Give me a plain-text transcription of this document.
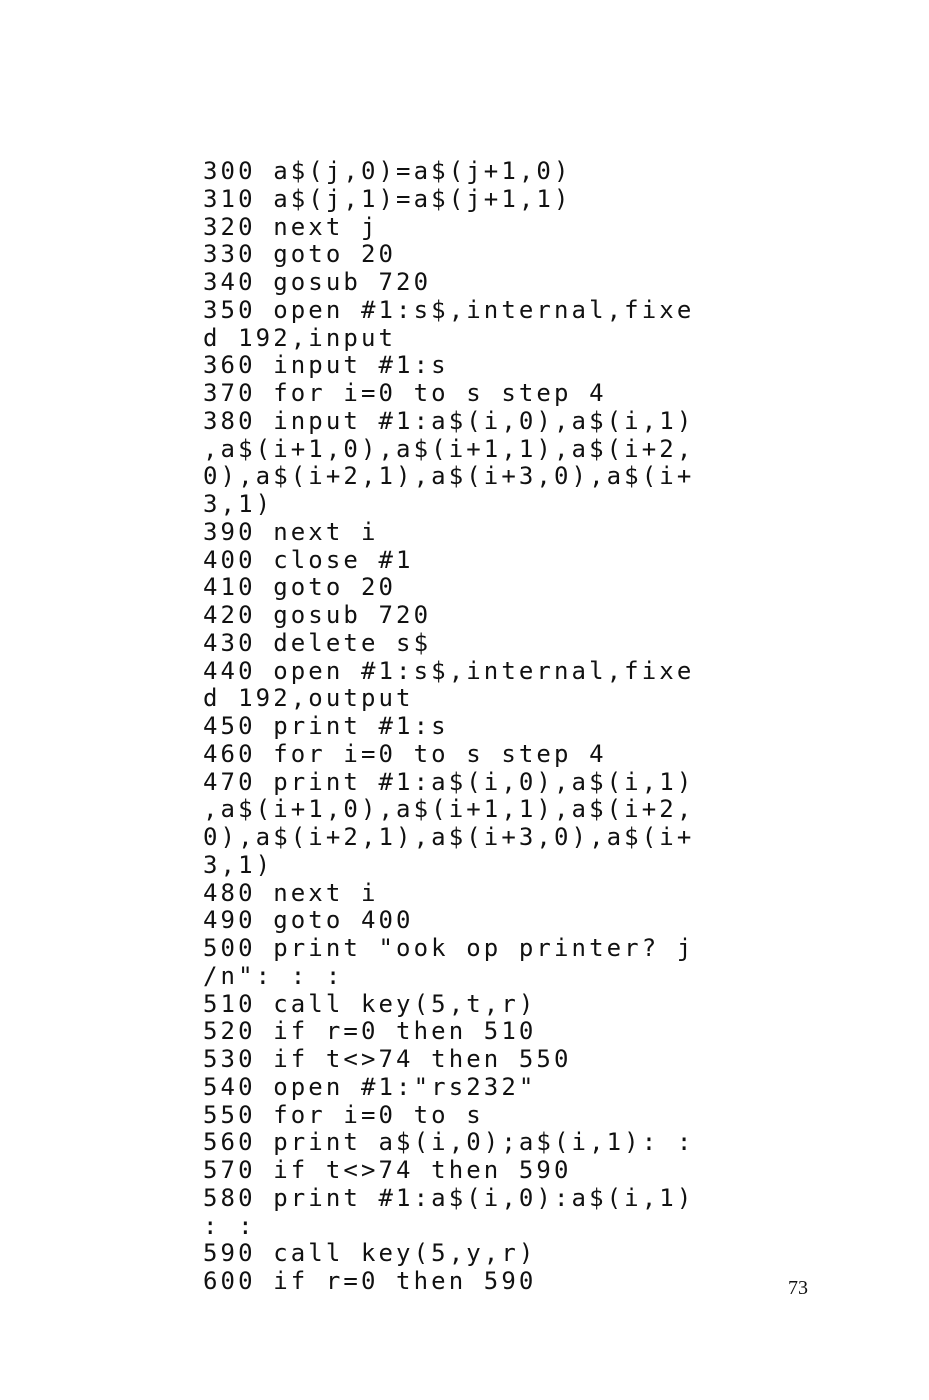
300 a$(j,0)=a$(j+1,0)
310 a$(j,1)=a$(j+1,1)
320 next j
330 goto 20
340 gosub 720
350 open #1:s$,internal,fixe
d 192,input
360 input #1:s
370 for i=0 to s step 4
380 input #1:a$(i,0),a$(i,1)
,a$(i+1,0),a$(i+1,1),a$(i+2,
0),a$(i+2,1),a$(i+3,0),a$(i+
3,1)
390 next i
400 close #1
410 goto 20
420 gosub 720
430 delete s$
440 open #1:s$,internal,fixe
d 192,output
450 print #1:s
460 for i=0 to s step 4
470 print #1:a$(i,0),a$(i,1)
,a$(i+1,0),a$(i+1,1),a$(i+2,
0),a$(i+2,1),a$(i+3,0),a$(i+
3,1)
480 next i
490 goto 400
500 print "ook op printer? j
/n": : :
510 call key(5,t,r)
520 if r=0 then 510
530 if t<>74 then 550
540 open #1:"rs232"
550 for i=0 to s
560 print a$(i,0);a$(i,1): :
570 if t<>74 then 590
580 print #1:a$(i,0):a$(i,1)
: :
590 call key(5,y,r)
600 if r=0 then 590	73
